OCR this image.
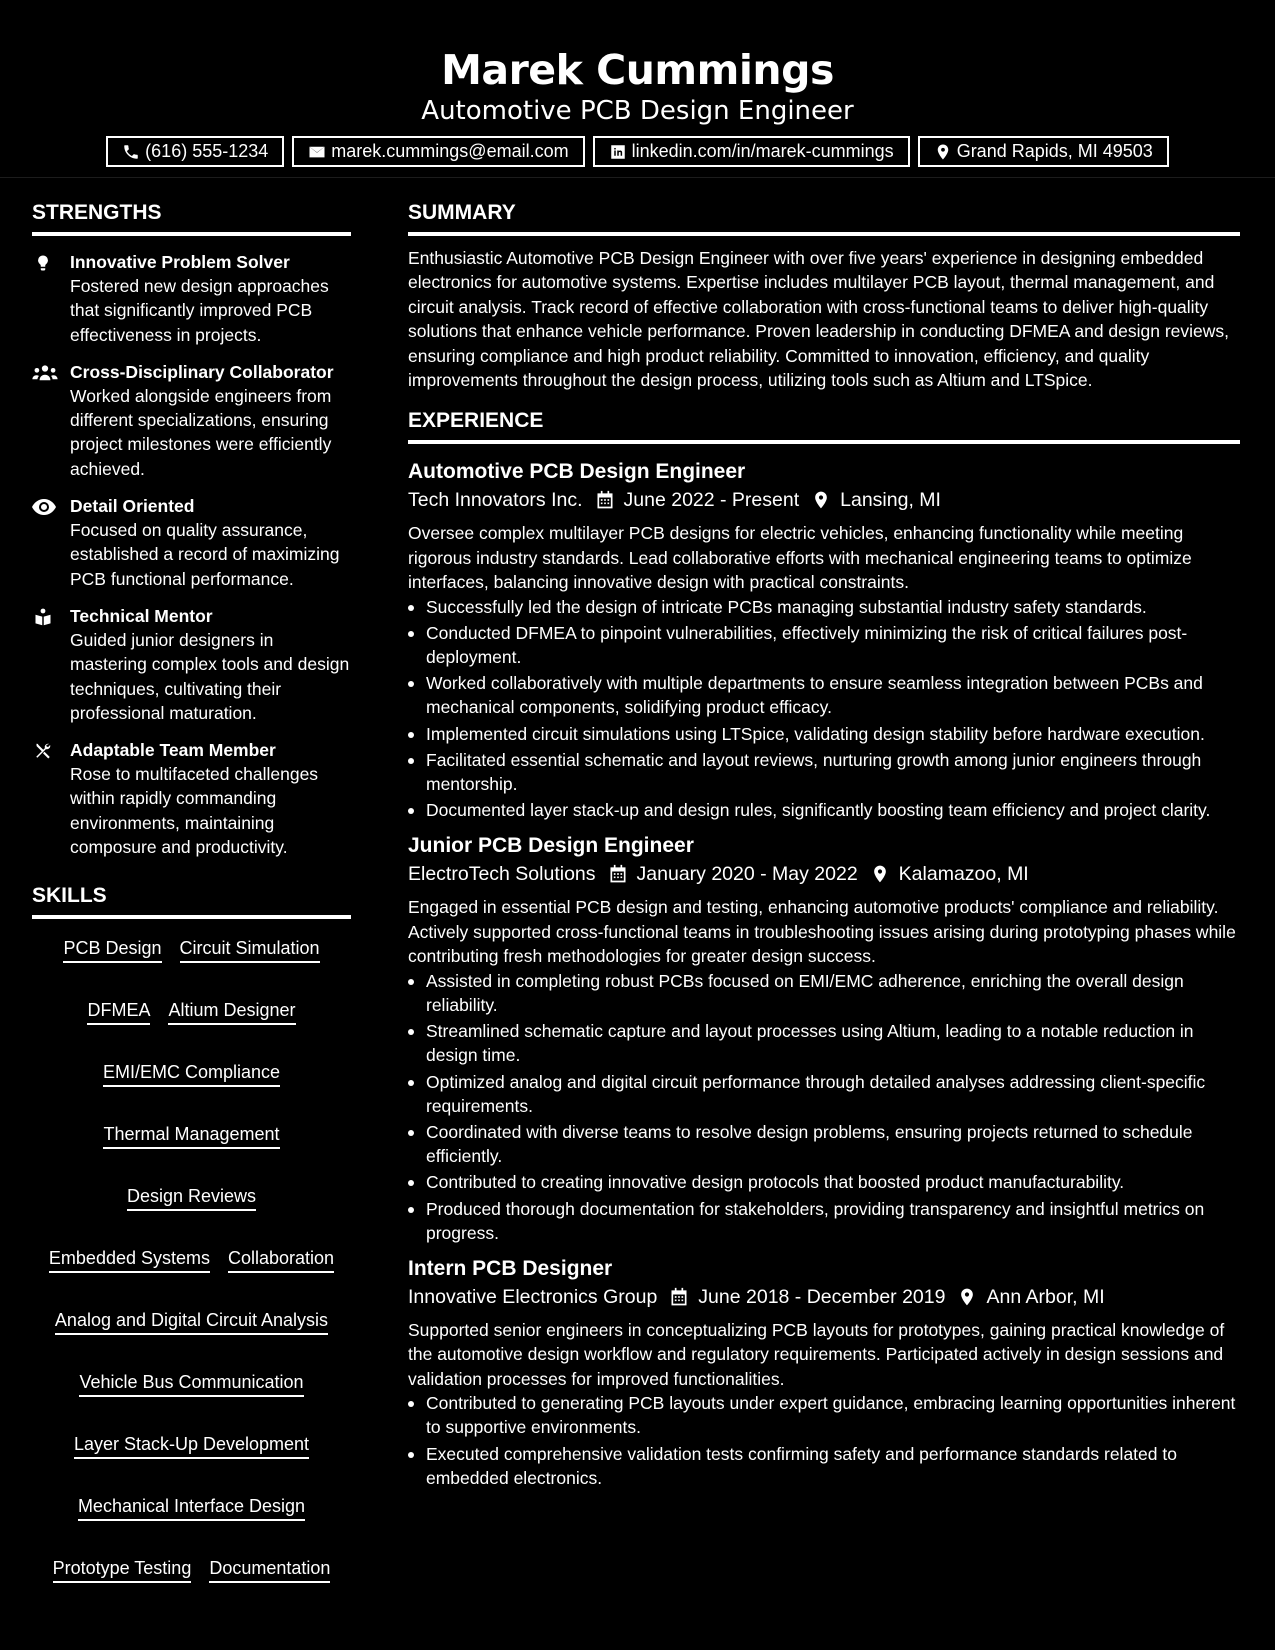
Marek Cummings
Automotive PCB Design Engineer
(616) 555-1234	marek.cummings@email.com	linkedin.com/in/marek-cummings	Grand Rapids, MI 49503
STRENGTHS
Innovative Problem Solver
Fostered new design approaches that significantly improved PCB effectiveness in projects.
Cross-Disciplinary Collaborator
Worked alongside engineers from different specializations, ensuring project milestones were efficiently achieved.
Detail Oriented
Focused on quality assurance, established a record of maximizing PCB functional performance.
Technical Mentor
Guided junior designers in mastering complex tools and design techniques, cultivating their professional maturation.
Adaptable Team Member
Rose to multifaceted challenges within rapidly commanding environments, maintaining composure and productivity.
SKILLS
PCB Design Circuit Simulation
DFMEA Altium Designer
EMI/EMC Compliance
Thermal Management
Design Reviews
Embedded Systems Collaboration
Analog and Digital Circuit Analysis
Vehicle Bus Communication
Layer Stack-Up Development
Mechanical Interface Design
Prototype Testing Documentation
SUMMARY
Enthusiastic Automotive PCB Design Engineer with over five years' experience in designing embedded electronics for automotive systems. Expertise includes multilayer PCB layout, thermal management, and circuit analysis. Track record of effective collaboration with cross-functional teams to deliver high-quality solutions that enhance vehicle performance. Proven leadership in conducting DFMEA and design reviews, ensuring compliance and high product reliability. Committed to innovation, efficiency, and quality improvements throughout the design process, utilizing tools such as Altium and LTSpice.
EXPERIENCE
Automotive PCB Design Engineer
Tech Innovators Inc. June 2022 - Present Lansing, MI
Oversee complex multilayer PCB designs for electric vehicles, enhancing functionality while meeting rigorous industry standards. Lead collaborative efforts with mechanical engineering teams to optimize interfaces, balancing innovative design with practical constraints.
Successfully led the design of intricate PCBs managing substantial industry safety standards.
Conducted DFMEA to pinpoint vulnerabilities, effectively minimizing the risk of critical failures post-deployment.
Worked collaboratively with multiple departments to ensure seamless integration between PCBs and mechanical components, solidifying product efficacy.
Implemented circuit simulations using LTSpice, validating design stability before hardware execution.
Facilitated essential schematic and layout reviews, nurturing growth among junior engineers through mentorship.
Documented layer stack-up and design rules, significantly boosting team efficiency and project clarity.
Junior PCB Design Engineer
ElectroTech Solutions January 2020 - May 2022 Kalamazoo, MI
Engaged in essential PCB design and testing, enhancing automotive products' compliance and reliability. Actively supported cross-functional teams in troubleshooting issues arising during prototyping phases while contributing fresh methodologies for greater design success.
Assisted in completing robust PCBs focused on EMI/EMC adherence, enriching the overall design reliability.
Streamlined schematic capture and layout processes using Altium, leading to a notable reduction in design time.
Optimized analog and digital circuit performance through detailed analyses addressing client-specific requirements.
Coordinated with diverse teams to resolve design problems, ensuring projects returned to schedule efficiently.
Contributed to creating innovative design protocols that boosted product manufacturability.
Produced thorough documentation for stakeholders, providing transparency and insightful metrics on progress.
Intern PCB Designer
Innovative Electronics Group June 2018 - December 2019 Ann Arbor, MI
Supported senior engineers in conceptualizing PCB layouts for prototypes, gaining practical knowledge of the automotive design workflow and regulatory requirements. Participated actively in design sessions and validation processes for improved functionalities.
Contributed to generating PCB layouts under expert guidance, embracing learning opportunities inherent to supportive environments.
Executed comprehensive validation tests confirming safety and performance standards related to embedded electronics.
